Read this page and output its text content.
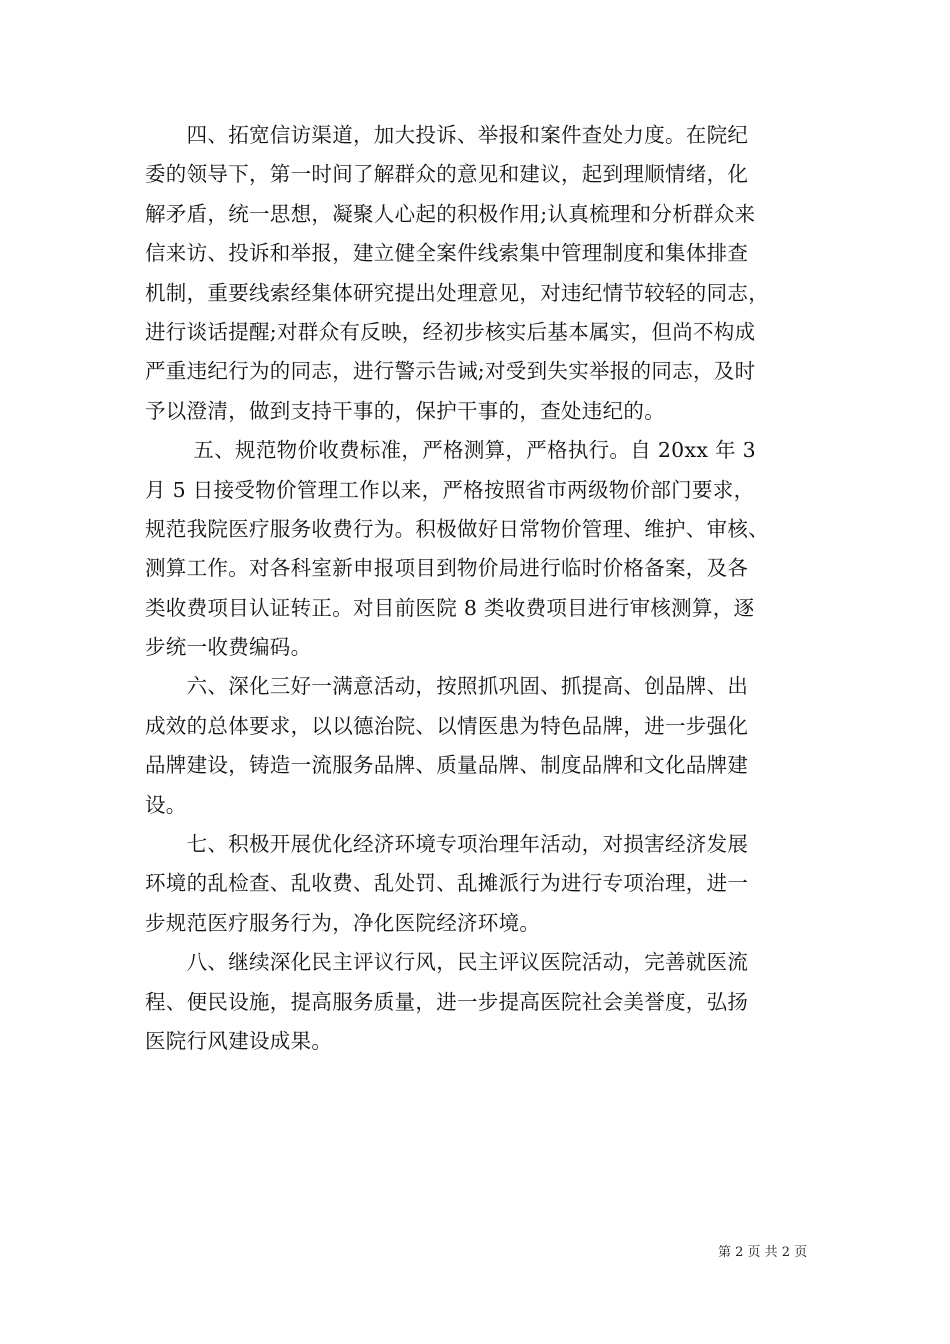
　　四、拓宽信访渠道，加大投诉、举报和案件查处力度。在院纪
委的领导下，第一时间了解群众的意见和建议，起到理顺情绪，化
解矛盾，统一思想，凝聚人心起的积极作用;认真梳理和分析群众来
信来访、投诉和举报，建立健全案件线索集中管理制度和集体排查
机制，重要线索经集体研究提出处理意见，对违纪情节较轻的同志，
进行谈话提醒;对群众有反映，经初步核实后基本属实，但尚不构成
严重违纪行为的同志，进行警示告诫;对受到失实举报的同志，及时
予以澄清，做到支持干事的，保护干事的，查处违纪的。
　　 五、规范物价收费标准，严格测算，严格执行。自 20xx 年 3
月 5 日接受物价管理工作以来，严格按照省市两级物价部门要求，
规范我院医疗服务收费行为。积极做好日常物价管理、维护、审核、
测算工作。对各科室新申报项目到物价局进行临时价格备案，及各
类收费项目认证转正。对目前医院 8 类收费项目进行审核测算，逐
步统一收费编码。
　　六、深化三好一满意活动，按照抓巩固、抓提高、创品牌、出
成效的总体要求，以以德治院、以情医患为特色品牌，进一步强化
品牌建设，铸造一流服务品牌、质量品牌、制度品牌和文化品牌建
设。
　　七、积极开展优化经济环境专项治理年活动，对损害经济发展
环境的乱检查、乱收费、乱处罚、乱摊派行为进行专项治理，进一
步规范医疗服务行为，净化医院经济环境。
　　八、继续深化民主评议行风，民主评议医院活动，完善就医流
程、便民设施，提高服务质量，进一步提高医院社会美誉度，弘扬
医院行风建设成果。
第 2 页 共 2 页
